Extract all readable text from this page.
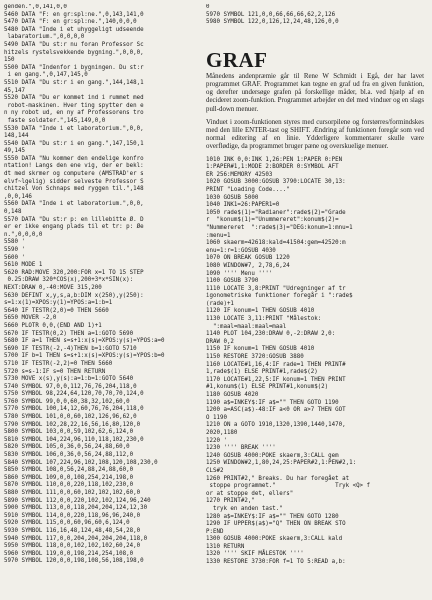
genden.",0,141,0,0
5460 DATA "F: en gr:spl:ne.",0,143,141,0
5470 DATA "F: en gr:spl:ne.",140,0,0,0
5480 DATA "Inde i et uhyggeligt udseende
labaratorium.",0,0,0,0
5490 DATA "Du st:r nu foran Professor Sc
hitzels rystelsvekkende bygning.",0,0,0,
150
5500 DATA "Indenfor i bygningen. Du st:r
i en gang.",0,147,145,0
5510 DATA "Du st:r i en gang.",144,148,1
45,147
5520 DATA "Du er kommet ind i rummet med
robot-maskinen. Hver ting spytter den e
n ny robot ud, en ny af Professorens tro
faste soldater.",145,149,0,0
5530 DATA "Inde i et laboratorium.",0,0,
148,144
5540 DATA "Du st:r i en gang.",147,150,1
49,145
5550 DATA "Nu kommer den endelige konfro
ntation! Langs den ene vig, der er bekl:
dt med skrmer og computere (AMSTRAD'er s
elvf~lgelig) sidder selveste Professor S
chitzel Von Schnaps med ryggen til.",148
,0,0,146
5560 DATA "Inde i et laboratorium.",0,0,
0,148
5570 DATA "Du st:r p: en lillebitte Ø. D
er er ikke engang plads til et tr: p: Øe
n.",0,0,0,0
5580 '
5590 '
5600 '
5610 MODE 1
5620 RAD:MOVE 320,200:FOR x=1 TO 15 STEP
0.25:DRAW 320*COS(x),200+3*x*SIN(x):
NEXT:DRAW 0,-40:MOVE 315,200
5630 DEFINT x,y,s,a,b:DIM x(250),y(250):
s=1:x(1)=XPOS:y(1)=YPOS:a=1:b=1
5640 IF TESTR(2,0)=0 THEN 5660
5650 MOVER -2,0
5660 PLOTR 0,0,(END AND 1)+1
5670 IF TESTR(0,2) THEN a=1:GOTO 5690
5680 IF a=1 THEN s=s+1:x(s)=XPOS:y(s)=YPOS:a=0
5690 IF TESTR(-2,-4)THEN b=1:GOTO 5710
5700 IF b=1 THEN s=s+1:x(s)=XPOS:y(s)=YPOS:b=0
5710 IF TESTR(-2,2)=0 THEN 5660
5720 s=s-1:IF s=0 THEN RETURN
5730 MOVE x(s),y(s):a=1:b=1:GOTO 5640
5740 SYMBOL 97,0,0,112,76,76,204,118,0
5750 SYMBOL 98,224,64,120,70,70,70,124,0
5760 SYMBOL 99,0,0,60,38,32,102,60,0
5770 SYMBOL 100,14,12,60,76,76,204,118,0
5780 SYMBOL 101,0,0,60,102,126,96,62,0
5790 SYMBOL 102,28,22,16,56,16,80,120,0
5800 SYMBOL 103,0,0,59,102,62,6,124,0
5810 SYMBOL 104,224,96,110,118,102,230,0
5820 SYMBOL 105,0,36,0,56,24,88,60,0
5830 SYMBOL 106,0,36,0,56,24,88,112,0
5840 SYMBOL 107,224,96,102,108,120,108,230,0
5850 SYMBOL 108,0,56,24,88,24,88,60,0
5860 SYMBOL 109,0,0,108,254,214,198,0
5870 SYMBOL 110,0,0,220,118,102,230,0
5880 SYMBOL 111,0,0,60,102,102,102,60,0
5890 SYMBOL 112,0,0,220,102,102,124,96,240
5900 SYMBOL 113,0,0,118,204,204,124,12,30
5910 SYMBOL 114,0,0,220,118,96,96,240,0
5920 SYMBOL 115,0,0,60,96,60,6,124,0
5930 SYMBOL 116,16,48,124,48,48,54,28,0
5940 SYMBOL 117,0,0,204,204,204,204,118,0
5950 SYMBOL 118,0,0,102,102,102,60,24,0
5960 SYMBOL 119,0,0,198,214,254,108,0
5970 SYMBOL 120,0,0,198,108,56,108,198,0

0
5970 SYMBOL 121,0,0,66,66,66,62,2,126
5980 SYMBOL 122,0,126,12,24,48,126,0,0

GRAF

Månedens andenpræmie går til Rene W Schmidt i Egå, der har lavet programmet GRAF. Programmet kan tegne en graf ud fra en given funktion, og derefter undersøge grafen på forskellige måder, bl.a. ved hjælp af en decideret zoom-funktion. Programmet arbejder en del med vinduer og en slags pull-down menuer.

Vinduet i zoom-funktionen styres med cursorpilene og forstørres/formindskes med den lille ENTER-tast og SHIFT. Ændring af funktionen foregår som ved normal editering af en linie. Ydderligere kommentarer skulle være overflødige, da programmet bruger pæne og overskuelige menuer.

1010 INK 0,0:INK 1,26:PEN 1:PAPER 0:PEN
1:PAPER#1,1:MODE 2:BORDER 0:SYMBOL AFT
ER 256:MEMORY 42503
1020 GOSUB 3000:GOSUB 3790:LOCATE 30,13:
PRINT "Loading Code...."
1030 GOSUB 5000
1040 INK1=26:PAPER1=0
1050 rade$(1)="Radianer":rade$(2)="Grade
r  "konum$(1)="Unummereret":konum$(2)=
"Nummereret  ":rade$(3)="DEG:konum=1:mnu=1
:menu=1
1060 skaerm=42618:kald=41504:gem=42520:m
enu=1:r=1:GOSUB 4030
1070 ON BREAK GOSUB 1220
1080 WINDOW#7, 2,78,6,24
1090 '''' Menu ''''
1100 GOSUB 3790
1110 LOCATE 3,8:PRINT "Udregninger af tr
igonometriske funktioner foregår i ":rade$
(rade)+1
1120 IF konum=1 THEN GOSUB 4010
1130 LOCATE 3,11:PRINT "Målestok:
":maal=maal:maal=maal
1140 PLOT 104,230:DRAW 0,-2:DRAW 2,0:
DRAW 0,2
1150 IF konum=1 THEN GOSUB 4010
1150 RESTORE 3720:GOSUB 3880
1160 LOCATE#1,16,4:IF rade=1 THEN PRINT#
1,rade$(1) ELSE PRINT#1,rade$(2)
1170 LOCATE#1,22,5:IF konum=1 THEN PRINT
#1,konum$(1) ELSE PRINT#1,konum$(2)
1180 GOSUB 4020
1190 a$=INKEY$:IF a$="" THEN GOTO 1190
1200 a=ASC(a$)-48:IF a<0 OR a>7 THEN GOT
O 1190
1210 ON a GOTO 1910,1320,1390,1440,1470,
2020,1180
1220 '
1230 '''' BREAK ''''
1240 GOSUB 4000:POKE skaerm,3:CALL gem
1250 WINDOW#2,1,80,24,25:PAPER#2,1:PEN#2,1:
CLS#2
1260 PRINT#2," Breaks. Du har foregået at
stoppe programmet."                 Tryk <Q> f
or at stoppe det, ellers"
1270 PRINT#2,"
tryk en anden tast."
1280 a$=INKEY$:IF a$="" THEN GOTO 1280
1290 IF UPPER$(a$)="Q" THEN ON BREAK STO
P:END
1300 GOSUB 4000:POKE skaerm,3:CALL kald
1310 RETURN
1320 '''' SKIF MÅLESTOK ''''
1330 RESTORE 3730:FOR f=1 TO 5:READ a,b:
